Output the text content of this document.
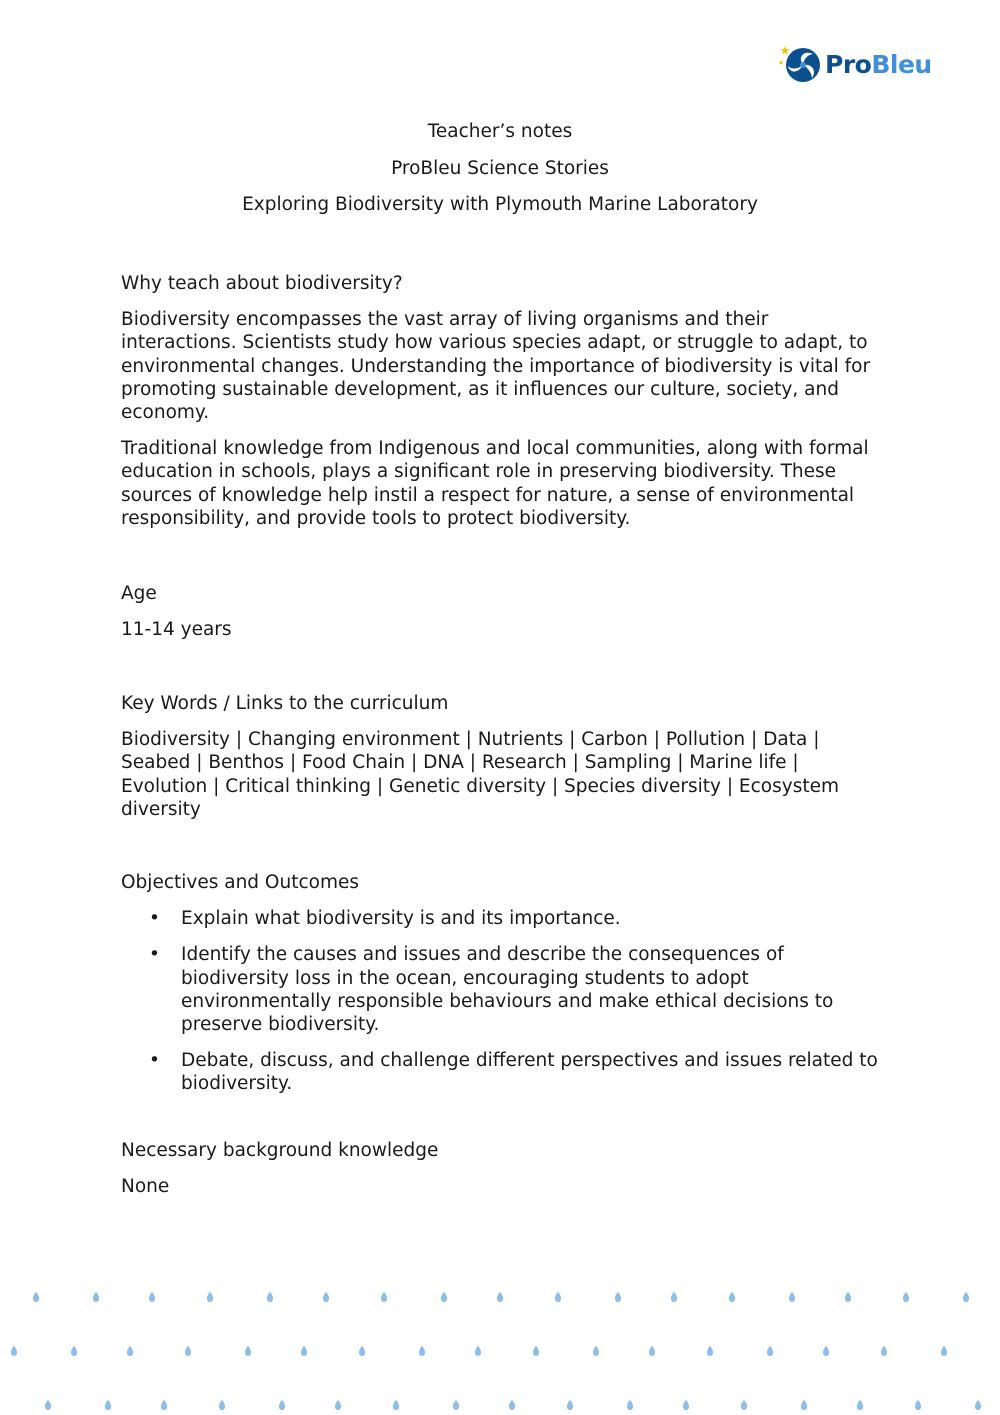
ProBleu

Teacher’s notes

ProBleu Science Stories

Exploring Biodiversity with Plymouth Marine Laboratory

Why teach about biodiversity?

Biodiversity encompasses the vast array of living organisms and their interactions. Scientists study how various species adapt, or struggle to adapt, to environmental changes. Understanding the importance of biodiversity is vital for promoting sustainable development, as it influences our culture, society, and economy.

Traditional knowledge from Indigenous and local communities, along with formal education in schools, plays a significant role in preserving biodiversity. These sources of knowledge help instil a respect for nature, a sense of environmental responsibility, and provide tools to protect biodiversity.

Age

11-14 years

Key Words / Links to the curriculum

Biodiversity | Changing environment | Nutrients | Carbon | Pollution | Data | Seabed | Benthos | Food Chain | DNA | Research | Sampling | Marine life | Evolution | Critical thinking | Genetic diversity | Species diversity | Ecosystem diversity

Objectives and Outcomes

• Explain what biodiversity is and its importance.
• Identify the causes and issues and describe the consequences of biodiversity loss in the ocean, encouraging students to adopt environmentally responsible behaviours and make ethical decisions to preserve biodiversity.
• Debate, discuss, and challenge different perspectives and issues related to biodiversity.

Necessary background knowledge

None
